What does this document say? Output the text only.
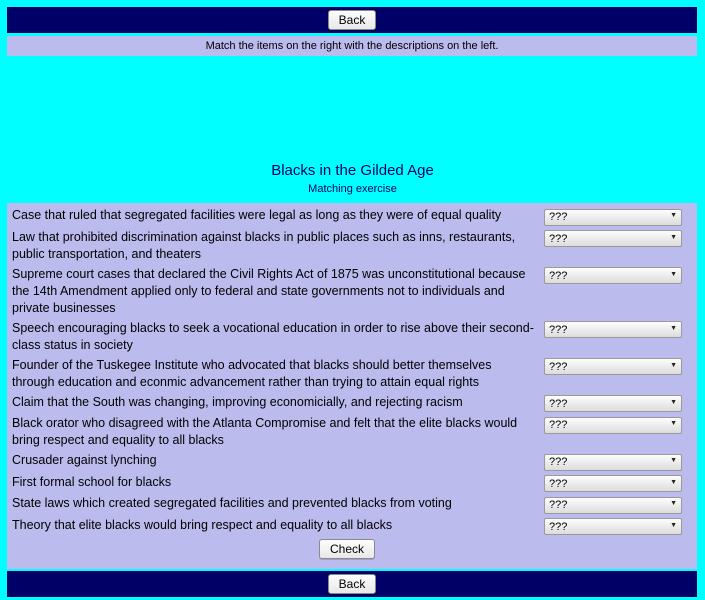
Back
Match the items on the right with the descriptions on the left.
Blacks in the Gilded Age
Matching exercise
Case that ruled that segregated facilities were legal as long as they were of equal quality
???	▼
Law that prohibited discrimination against blacks in public places such as inns, restaurants, public transportation, and theaters
???
▼
Supreme court cases that declared the Civil Rights Act of 1875 was unconstitutional because the 14th Amendment applied only to federal and state governments not to individuals and private businesses
???
▼
Speech encouraging blacks to seek a vocational education in order to rise above their second-class status in society
???
▼
Founder of the Tuskegee Institute who advocated that blacks should better themselves through education and econmic advancement rather than trying to attain equal rights
???
▼
Claim that the South was changing, improving economicially, and rejecting racism
???	▼
Black orator who disagreed with the Atlanta Compromise and felt that the elite blacks would bring respect and equality to all blacks
???
▼
Crusader against lynching
???	▼
First formal school for blacks
???	▼
State laws which created segregated facilities and prevented blacks from voting
???	▼
Theory that elite blacks would bring respect and equality to all blacks
???	▼
Check
Back
